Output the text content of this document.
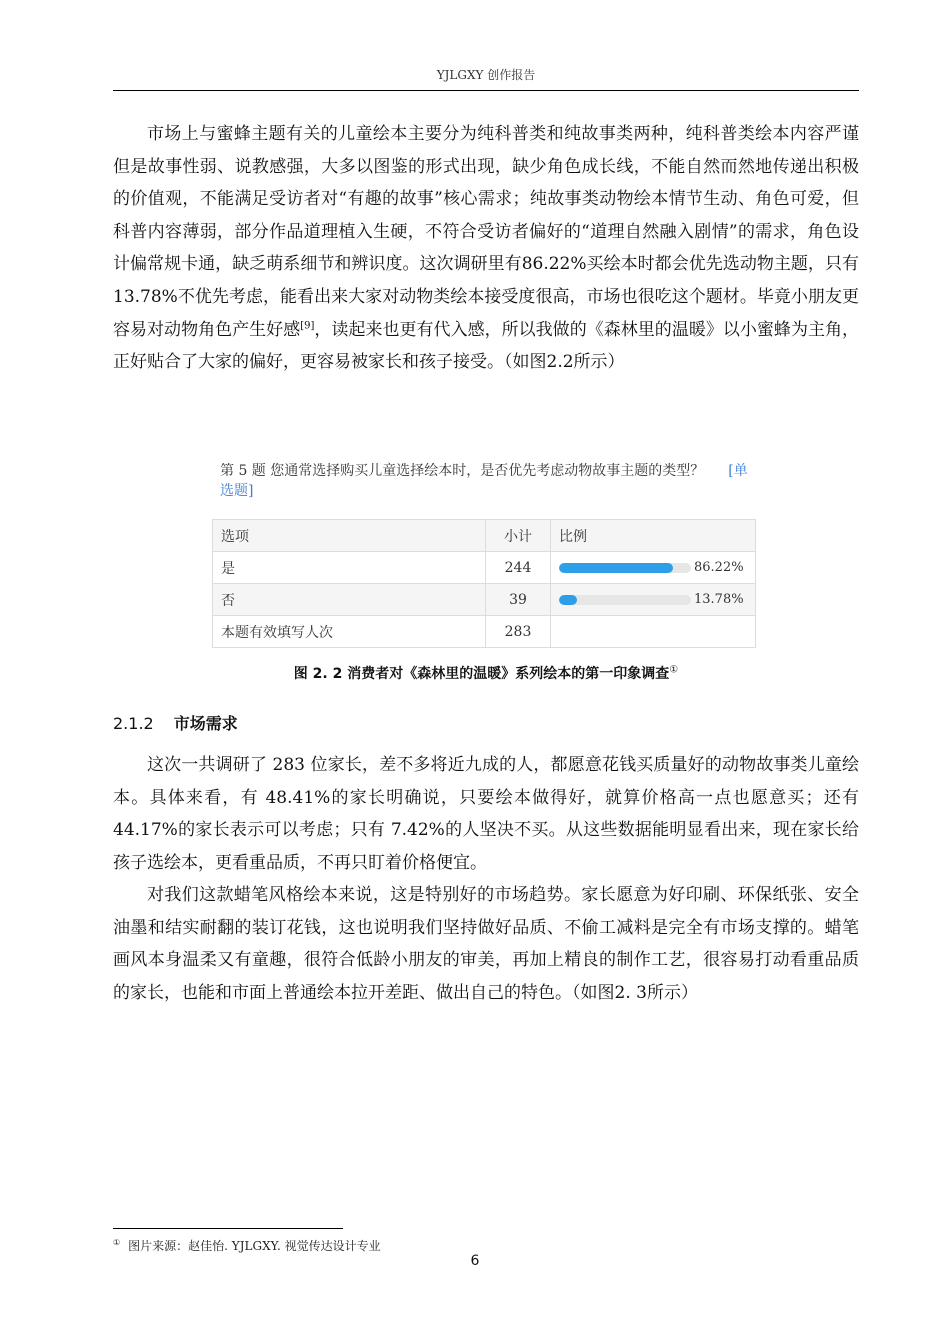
YJLGXY 创作报告

市场上与蜜蜂主题有关的儿童绘本主要分为纯科普类和纯故事类两种，纯科普类绘本内容严谨但是故事性弱、说教感强，大多以图鉴的形式出现，缺少角色成长线，不能自然而然地传递出积极的价值观，不能满足受访者对“有趣的故事”核心需求；纯故事类动物绘本情节生动、角色可爱，但科普内容薄弱，部分作品道理植入生硬，不符合受访者偏好的“道理自然融入剧情”的需求，角色设计偏常规卡通，缺乏萌系细节和辨识度。这次调研里有86.22%买绘本时都会优先选动物主题，只有13.78%不优先考虑，能看出来大家对动物类绘本接受度很高，市场也很吃这个题材。毕竟小朋友更容易对动物角色产生好感[9]，读起来也更有代入感，所以我做的《森林里的温暖》以小蜜蜂为主角，正好贴合了大家的偏好，更容易被家长和孩子接受。（如图2.2所示）

第 5 题 您通常选择购买儿童选择绘本时，是否优先考虑动物故事主题的类型？ [单选题]
选项	小计	比例
是	244	86.22%

否	39	13.78%

本题有效填写人次	283	
图 2. 2 消费者对《森林里的温暖》系列绘本的第一印象调查①
2.1.2 市场需求

这次一共调研了 283 位家长，差不多将近九成的人，都愿意花钱买质量好的动物故事类儿童绘本。具体来看，有 48.41%的家长明确说，只要绘本做得好，就算价格高一点也愿意买；还有 44.17%的家长表示可以考虑；只有 7.42%的人坚决不买。从这些数据能明显看出来，现在家长给孩子选绘本，更看重品质，不再只盯着价格便宜。

对我们这款蜡笔风格绘本来说，这是特别好的市场趋势。家长愿意为好印刷、环保纸张、安全油墨和结实耐翻的装订花钱，这也说明我们坚持做好品质、不偷工减料是完全有市场支撑的。蜡笔画风本身温柔又有童趣，很符合低龄小朋友的审美，再加上精良的制作工艺，很容易打动看重品质的家长，也能和市面上普通绘本拉开差距、做出自己的特色。（如图2. 3所示）

① 图片来源：赵佳怡. YJLGXY. 视觉传达设计专业
6
